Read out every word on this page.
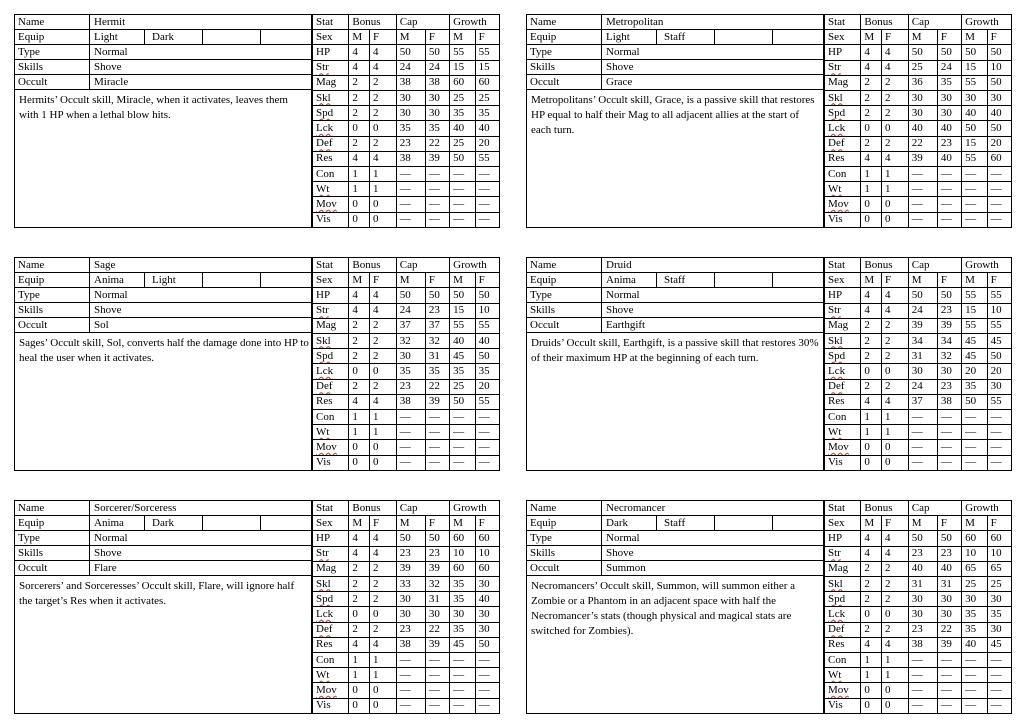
Name	Hermit
Equip	Light	Dark
Type	Normal
Skills	Shove
Occult	Miracle
Hermits’ Occult skill, Miracle, when it activates, leaves them with 1 HP when a lethal blow hits.
Stat	Bonus		Cap		Growth	
Sex	M	F	M	F	M	F
HP	4	4	50	50	55	55
Str	4	4	24	24	15	15
Mag	2	2	38	38	60	60
Skl	2	2	30	30	25	25
Spd	2	2	30	30	35	35
Lck	0	0	35	35	40	40
Def	2	2	23	22	25	20
Res	4	4	38	39	50	55
Con	1	1	—	—	—	—
Wt	1	1	—	—	—	—
Mov	0	0	—	—	—	—
Vis	0	0	—	—	—	—
Name	Metropolitan
Equip	Light	Staff
Type	Normal
Skills	Shove
Occult	Grace
Metropolitans’ Occult skill, Grace, is a passive skill that restores HP equal to half their Mag to all adjacent allies at the start of each turn.
Stat	Bonus		Cap		Growth	
Sex	M	F	M	F	M	F
HP	4	4	50	50	50	50
Str	4	4	25	24	15	10
Mag	2	2	36	35	55	50
Skl	2	2	30	30	30	30
Spd	2	2	30	30	40	40
Lck	0	0	40	40	50	50
Def	2	2	22	23	15	20
Res	4	4	39	40	55	60
Con	1	1	—	—	—	—
Wt	1	1	—	—	—	—
Mov	0	0	—	—	—	—
Vis	0	0	—	—	—	—
Name	Sage
Equip	Anima	Light
Type	Normal
Skills	Shove
Occult	Sol
Sages’ Occult skill, Sol, converts half the damage done into HP to heal the user when it activates.
Stat	Bonus		Cap		Growth	
Sex	M	F	M	F	M	F
HP	4	4	50	50	50	50
Str	4	4	24	23	15	10
Mag	2	2	37	37	55	55
Skl	2	2	32	32	40	40
Spd	2	2	30	31	45	50
Lck	0	0	35	35	35	35
Def	2	2	23	22	25	20
Res	4	4	38	39	50	55
Con	1	1	—	—	—	—
Wt	1	1	—	—	—	—
Mov	0	0	—	—	—	—
Vis	0	0	—	—	—	—
Name	Druid
Equip	Anima	Staff
Type	Normal
Skills	Shove
Occult	Earthgift
Druids’ Occult skill, Earthgift, is a passive skill that restores 30% of their maximum HP at the beginning of each turn.
Stat	Bonus		Cap		Growth	
Sex	M	F	M	F	M	F
HP	4	4	50	50	55	55
Str	4	4	24	23	15	10
Mag	2	2	39	39	55	55
Skl	2	2	34	34	45	45
Spd	2	2	31	32	45	50
Lck	0	0	30	30	20	20
Def	2	2	24	23	35	30
Res	4	4	37	38	50	55
Con	1	1	—	—	—	—
Wt	1	1	—	—	—	—
Mov	0	0	—	—	—	—
Vis	0	0	—	—	—	—
Name	Sorcerer/Sorceress
Equip	Anima	Dark
Type	Normal
Skills	Shove
Occult	Flare
Sorcerers’ and Sorceresses’ Occult skill, Flare, will ignore half the target’s Res when it activates.
Stat	Bonus		Cap		Growth	
Sex	M	F	M	F	M	F
HP	4	4	50	50	60	60
Str	4	4	23	23	10	10
Mag	2	2	39	39	60	60
Skl	2	2	33	32	35	30
Spd	2	2	30	31	35	40
Lck	0	0	30	30	30	30
Def	2	2	23	22	35	30
Res	4	4	38	39	45	50
Con	1	1	—	—	—	—
Wt	1	1	—	—	—	—
Mov	0	0	—	—	—	—
Vis	0	0	—	—	—	—
Name	Necromancer
Equip	Dark	Staff
Type	Normal
Skills	Shove
Occult	Summon
Necromancers’ Occult skill, Summon, will summon either a Zombie or a Phantom in an adjacent space with half the Necromancer’s stats (though physical and magical stats are switched for Zombies).
Stat	Bonus		Cap		Growth	
Sex	M	F	M	F	M	F
HP	4	4	50	50	60	60
Str	4	4	23	23	10	10
Mag	2	2	40	40	65	65
Skl	2	2	31	31	25	25
Spd	2	2	30	30	30	30
Lck	0	0	30	30	35	35
Def	2	2	23	22	35	30
Res	4	4	38	39	40	45
Con	1	1	—	—	—	—
Wt	1	1	—	—	—	—
Mov	0	0	—	—	—	—
Vis	0	0	—	—	—	—
